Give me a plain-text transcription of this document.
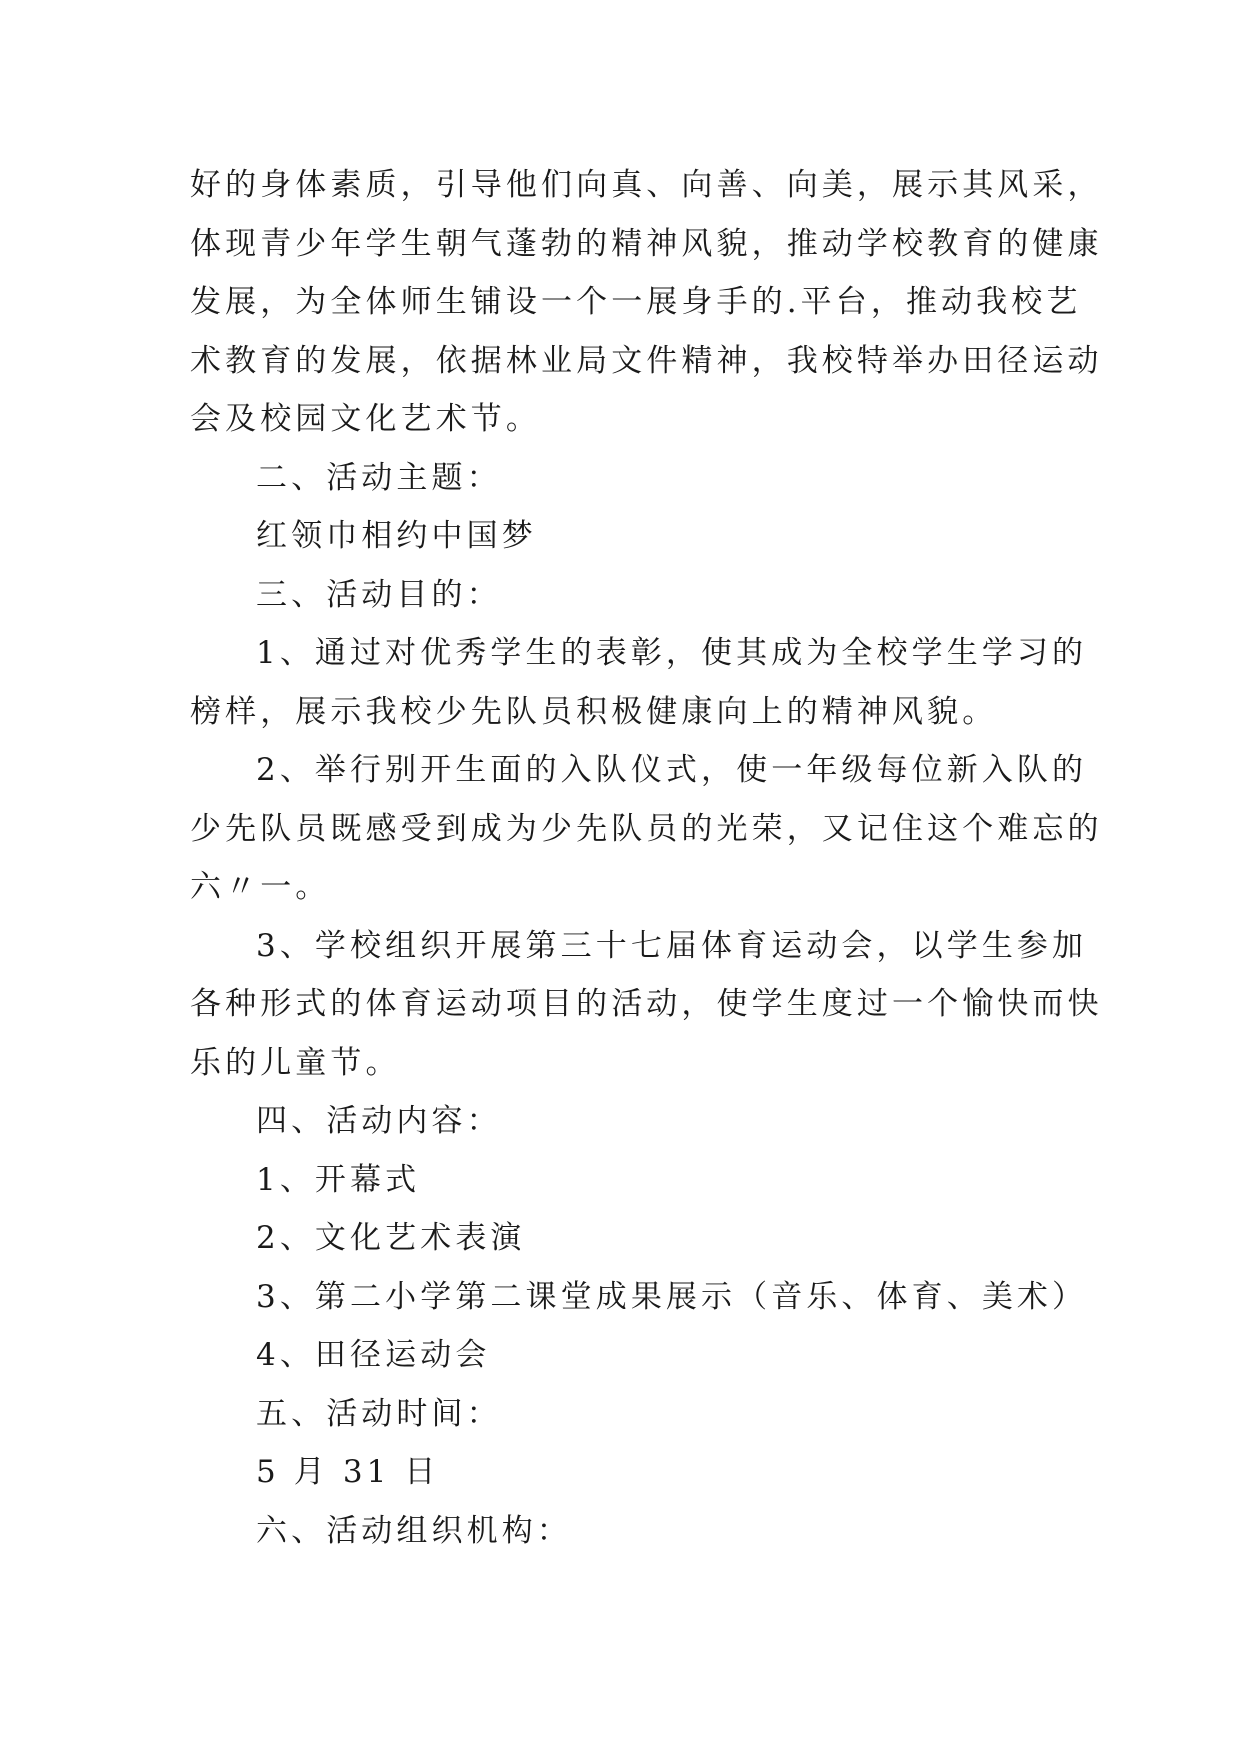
好的身体素质，引导他们向真、向善、向美，展示其风采，
体现青少年学生朝气蓬勃的精神风貌，推动学校教育的健康
发展，为全体师生铺设一个一展身手的.平台，推动我校艺
术教育的发展，依据林业局文件精神，我校特举办田径运动
会及校园文化艺术节。
二、活动主题：
红领巾相约中国梦
三、活动目的：
1、通过对优秀学生的表彰，使其成为全校学生学习的
榜样，展示我校少先队员积极健康向上的精神风貌。
2、举行别开生面的入队仪式，使一年级每位新入队的
少先队员既感受到成为少先队员的光荣，又记住这个难忘的
六〃一。
3、学校组织开展第三十七届体育运动会，以学生参加
各种形式的体育运动项目的活动，使学生度过一个愉快而快
乐的儿童节。
四、活动内容：
1、开幕式
2、文化艺术表演
3、第二小学第二课堂成果展示（音乐、体育、美术）
4、田径运动会
五、活动时间：
5 月 31 日
六、活动组织机构：
